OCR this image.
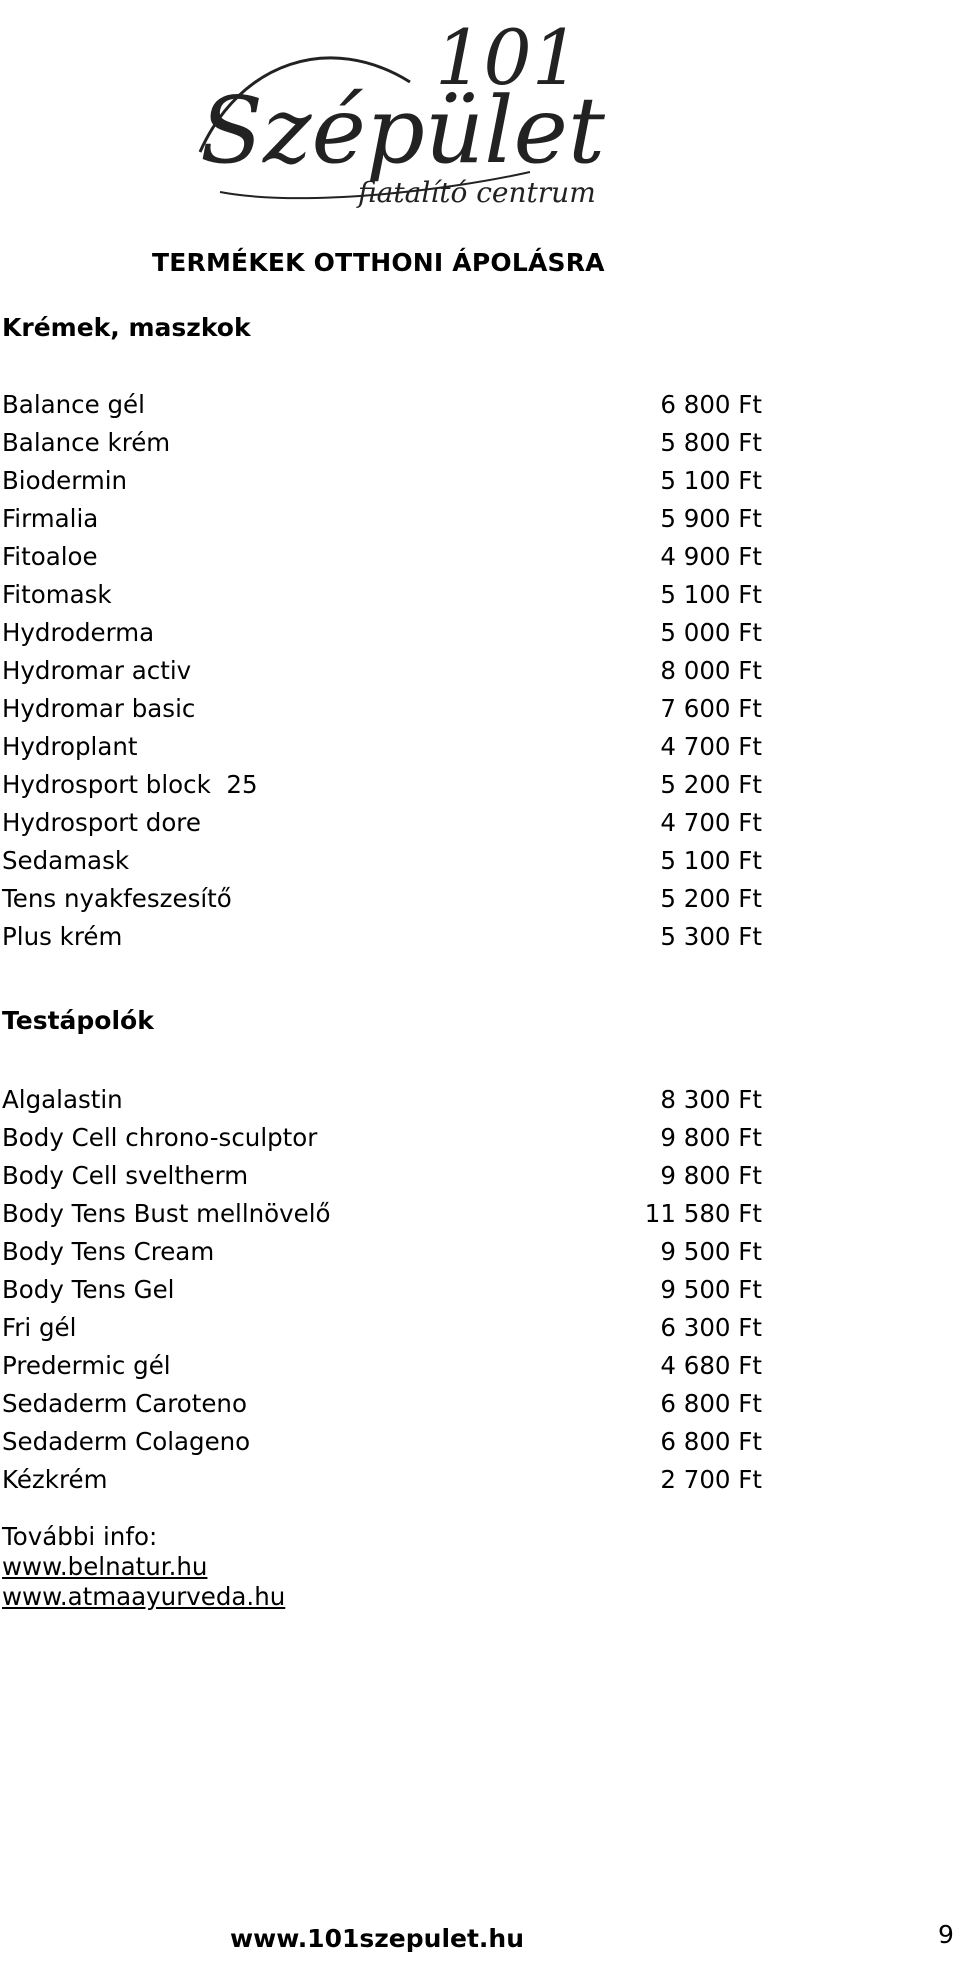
101
Szépület
fiatalító centrum
TERMÉKEK OTTHONI ÁPOLÁSRA
Krémek, maszkok
Balance gél	6 800 Ft
Balance krém	5 800 Ft
Biodermin	5 100 Ft
Firmalia	5 900 Ft
Fitoaloe	4 900 Ft
Fitomask	5 100 Ft
Hydroderma	5 000 Ft
Hydromar activ	8 000 Ft
Hydromar basic	7 600 Ft
Hydroplant	4 700 Ft
Hydrosport block  25	5 200 Ft
Hydrosport dore	4 700 Ft
Sedamask	5 100 Ft
Tens nyakfeszesítő	5 200 Ft
Plus krém	5 300 Ft
Testápolók
Algalastin	8 300 Ft
Body Cell chrono-sculptor	9 800 Ft
Body Cell sveltherm	9 800 Ft
Body Tens Bust mellnövelő	11 580 Ft
Body Tens Cream	9 500 Ft
Body Tens Gel	9 500 Ft
Fri gél	6 300 Ft
Predermic gél	4 680 Ft
Sedaderm Caroteno	6 800 Ft
Sedaderm Colageno	6 800 Ft
Kézkrém	2 700 Ft
További info:
www.belnatur.hu
www.atmaayurveda.hu
www.101szepulet.hu	9
